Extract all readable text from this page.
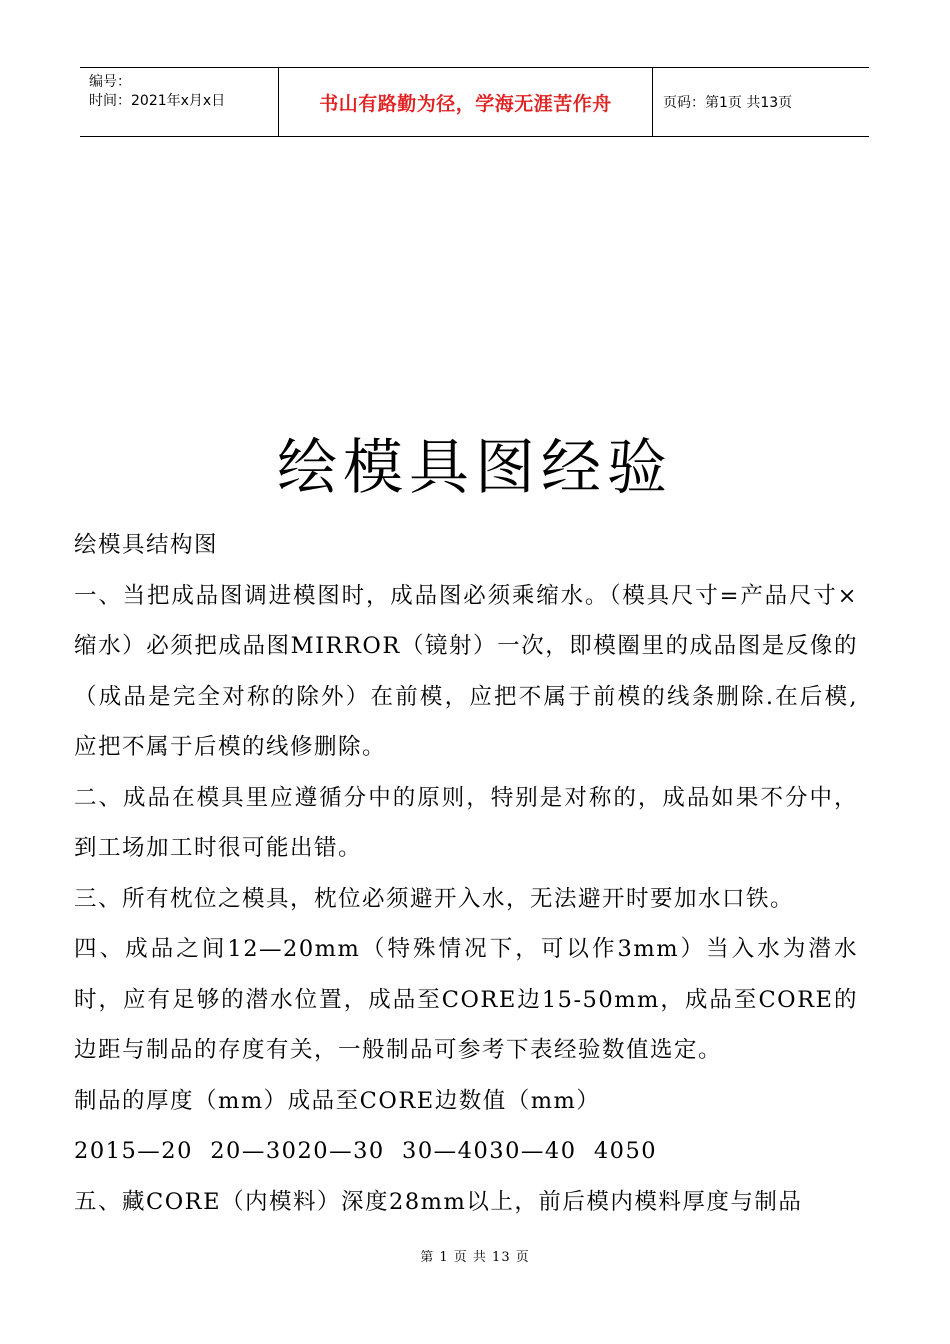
编号：
时间：2021年x月x日	书山有路勤为径，学海无涯苦作舟	页码：第1页 共13页
绘模具图经验

绘模具结构图

一、当把成品图调进模图时，成品图必须乘缩水。（模具尺寸=产品尺寸×缩水）必须把成品图MIRROR（镜射）一次，即模圈里的成品图是反像的（成品是完全对称的除外）在前模，应把不属于前模的线条删除.在后模,应把不属于后模的线修删除。

二、成品在模具里应遵循分中的原则，特别是对称的，成品如果不分中，到工场加工时很可能出错。

三、所有枕位之模具，枕位必须避开入水，无法避开时要加水口铁。

四、成品之间12—20mm（特殊情况下，可以作3mm）当入水为潜水时，应有足够的潜水位置，成品至CORE边15-50mm，成品至CORE的边距与制品的存度有关，一般制品可参考下表经验数值选定。

制品的厚度（mm）成品至CORE边数值（mm）

2015—20  20—3020—30  30—4030—40  4050

五、藏CORE（内模料）深度28mm以上，前后模内模料厚度与制品

第 1 页 共 13 页
